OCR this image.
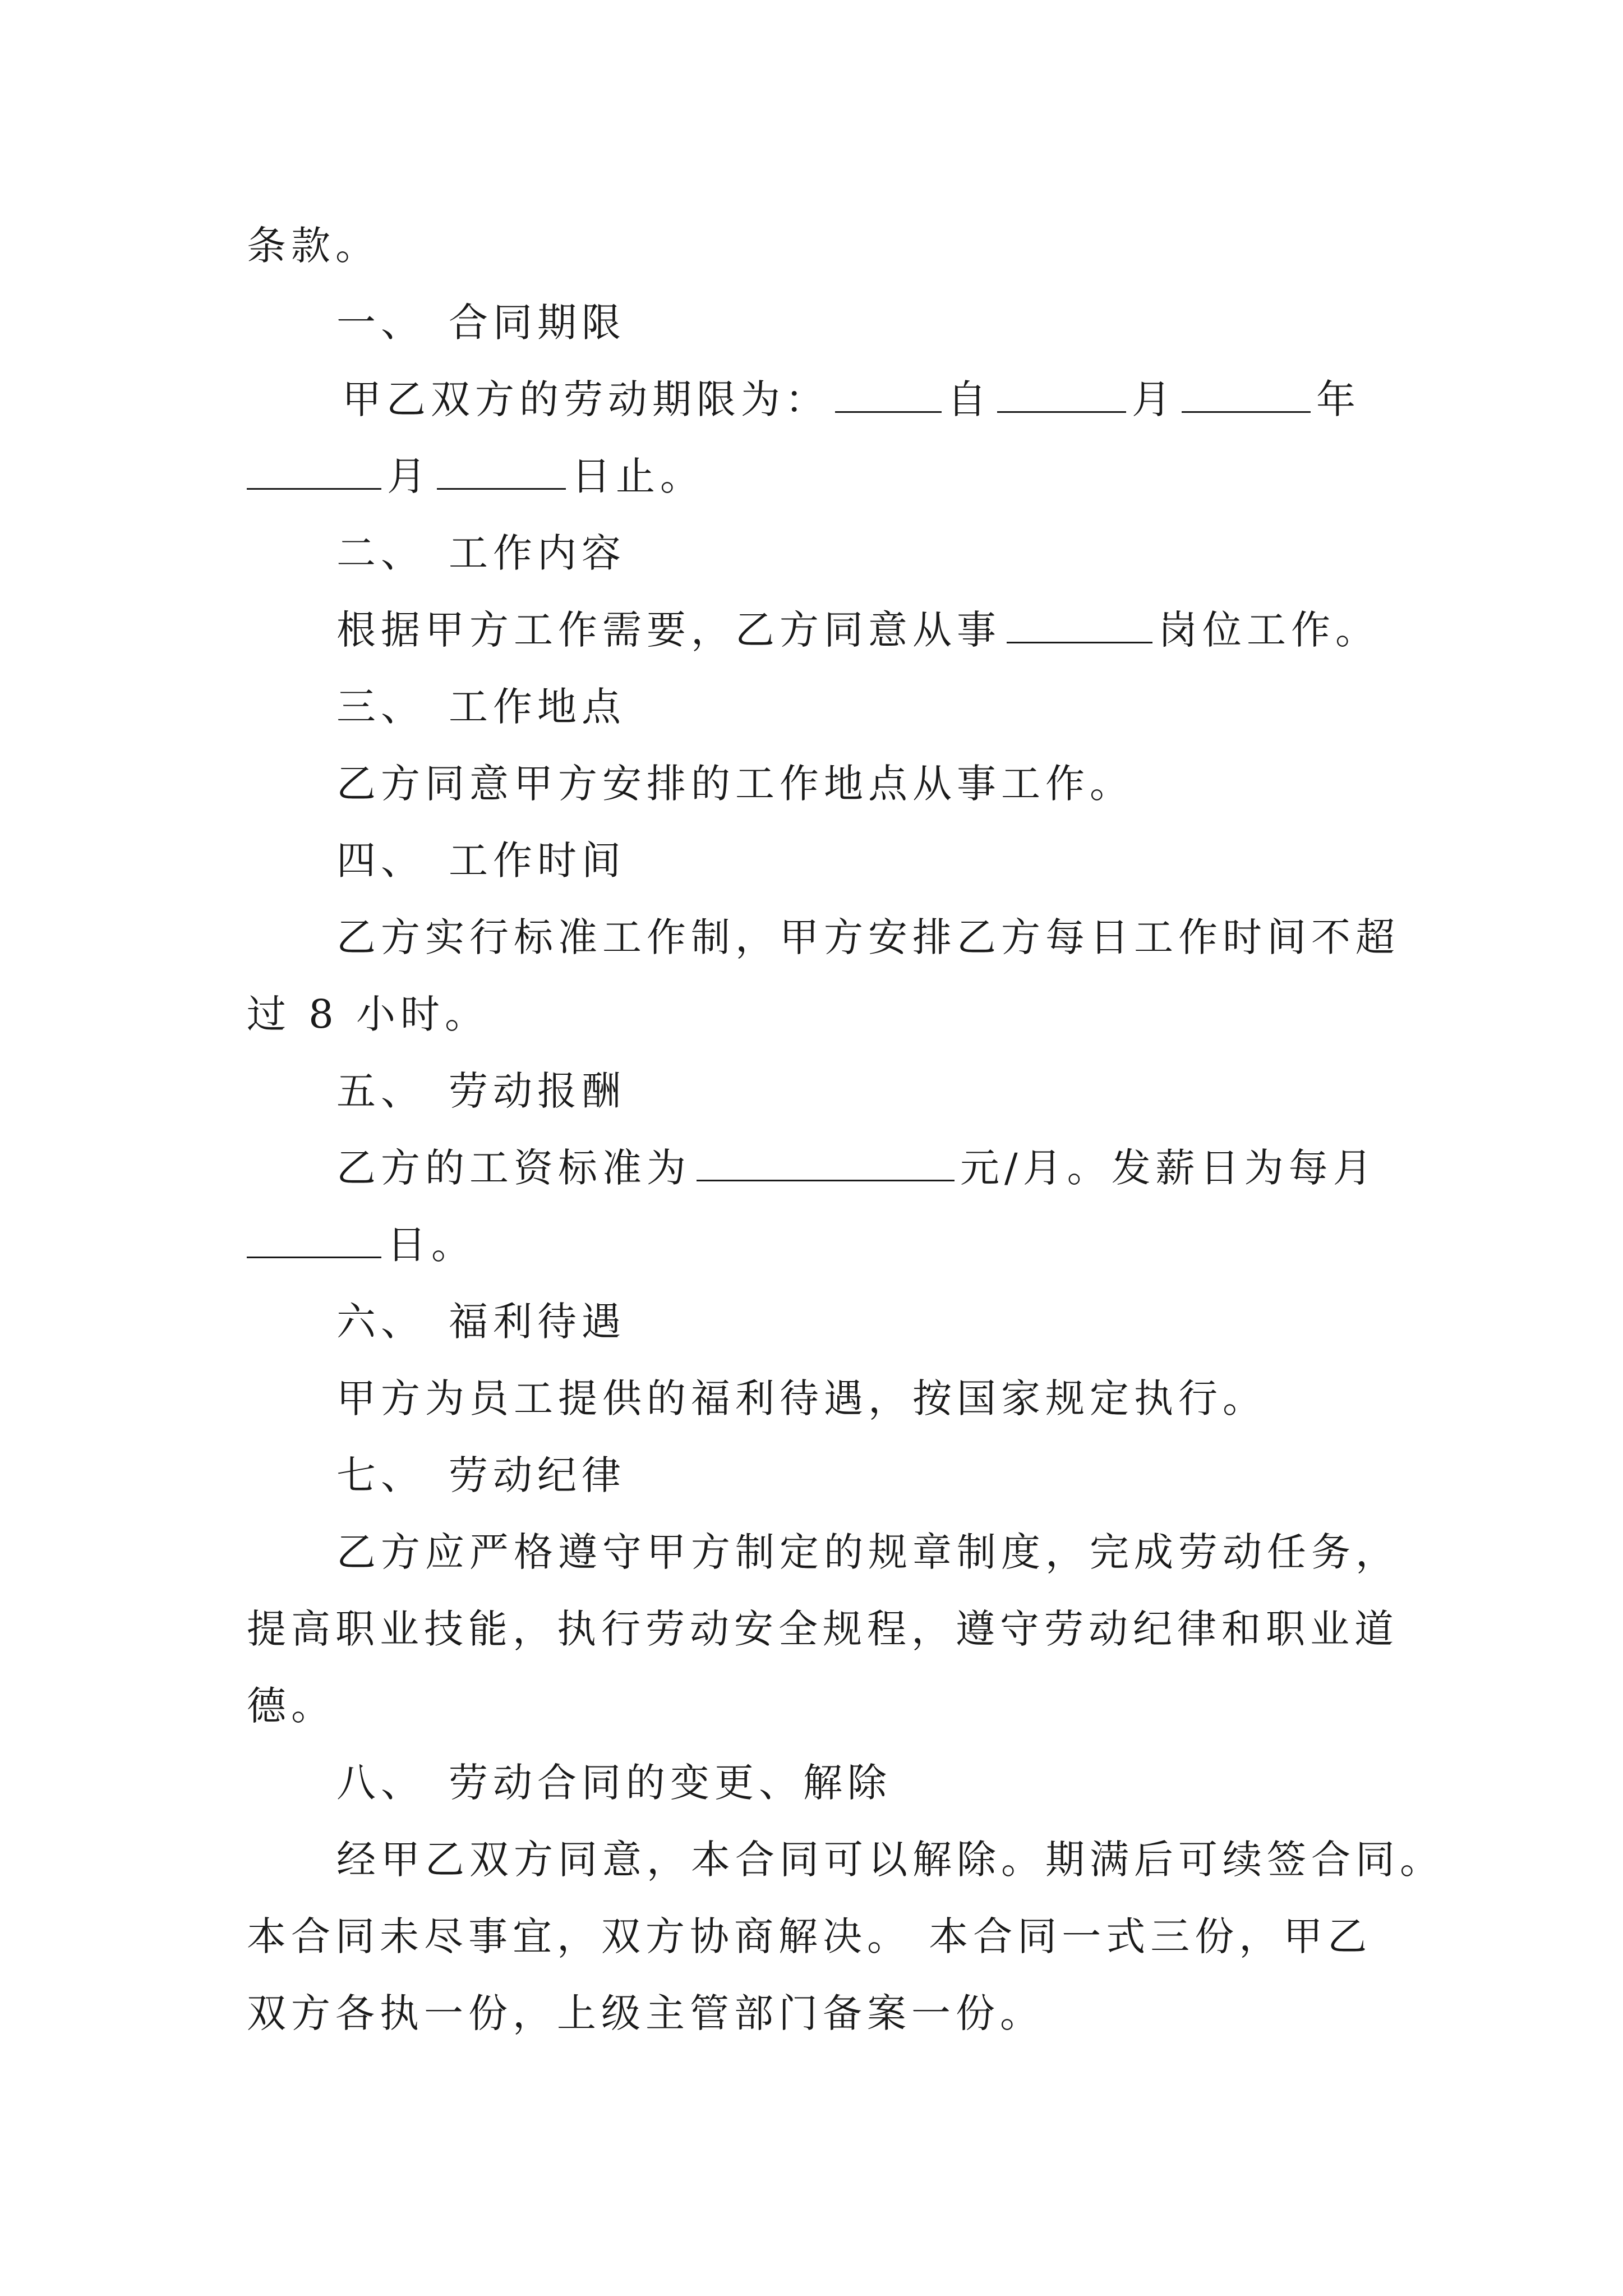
条款。
一、 合同期限
甲乙双方的劳动期限为：	自	月	年
月	日止。
二、 工作内容
根据甲方工作需要，乙方同意从事	岗位工作。
三、 工作地点
乙方同意甲方安排的工作地点从事工作。
四、 工作时间
乙方实行标准工作制，甲方安排乙方每日工作时间不超
过 8 小时。
五、 劳动报酬
乙方的工资标准为	元/月。发薪日为每月
日。
六、 福利待遇
甲方为员工提供的福利待遇，按国家规定执行。
七、 劳动纪律
乙方应严格遵守甲方制定的规章制度，完成劳动任务，
提高职业技能，执行劳动安全规程，遵守劳动纪律和职业道
德。
八、 劳动合同的变更、解除
经甲乙双方同意，本合同可以解除。期满后可续签合同。
本合同未尽事宜，双方协商解决。 本合同一式三份，甲乙
双方各执一份，上级主管部门备案一份。
